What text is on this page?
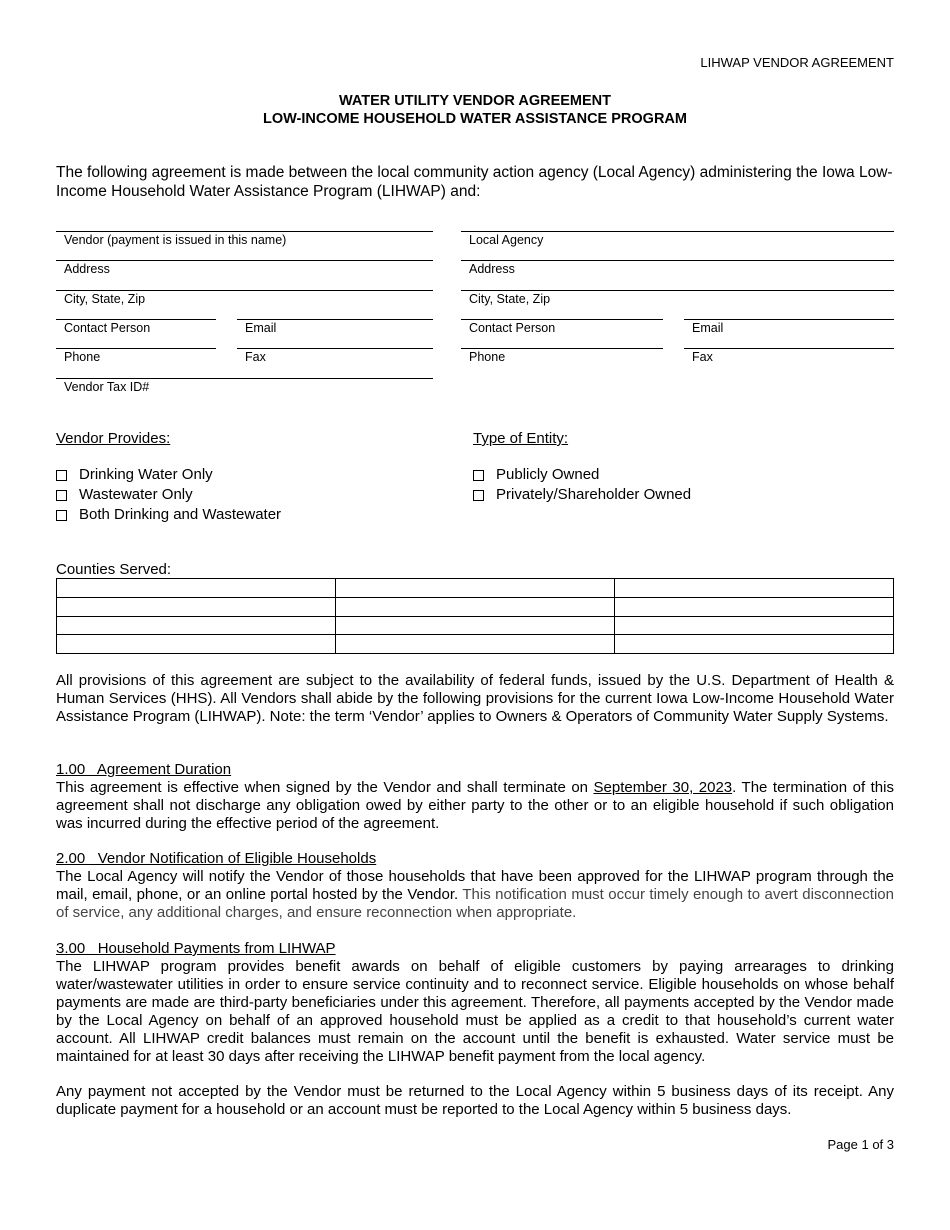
LIHWAP VENDOR AGREEMENT
WATER UTILITY VENDOR AGREEMENT
LOW-INCOME HOUSEHOLD WATER ASSISTANCE PROGRAM
The following agreement is made between the local community action agency (Local Agency) administering the Iowa Low-Income Household Water Assistance Program (LIHWAP) and:
Vendor (payment is issued in this name)
Address
City, State, Zip
Contact Person	Email
Phone	Fax
Vendor Tax ID#
Local Agency
Address
City, State, Zip
Contact Person	Email
Phone	Fax
Vendor Provides:
Drinking Water Only
Wastewater Only
Both Drinking and Wastewater
Type of Entity:
Publicly Owned
Privately/Shareholder Owned
Counties Served:

All provisions of this agreement are subject to the availability of federal funds, issued by the U.S. Department of Health & Human Services (HHS). All Vendors shall abide by the following provisions for the current Iowa Low-Income Household Water Assistance Program (LIHWAP). Note: the term ‘Vendor’ applies to Owners & Operators of Community Water Supply Systems.
1.00   Agreement Duration
This agreement is effective when signed by the Vendor and shall terminate on September 30, 2023. The termination of this agreement shall not discharge any obligation owed by either party to the other or to an eligible household if such obligation was incurred during the effective period of the agreement.
2.00   Vendor Notification of Eligible Households
The Local Agency will notify the Vendor of those households that have been approved for the LIHWAP program through the mail, email, phone, or an online portal hosted by the Vendor. This notification must occur timely enough to avert disconnection of service, any additional charges, and ensure reconnection when appropriate.
3.00   Household Payments from LIHWAP
The LIHWAP program provides benefit awards on behalf of eligible customers by paying arrearages to drinking water/wastewater utilities in order to ensure service continuity and to reconnect service. Eligible households on whose behalf payments are made are third-party beneficiaries under this agreement. Therefore, all payments accepted by the Vendor made by the Local Agency on behalf of an approved household must be applied as a credit to that household’s current water account. All LIHWAP credit balances must remain on the account until the benefit is exhausted. Water service must be maintained for at least 30 days after receiving the LIHWAP benefit payment from the local agency.
Any payment not accepted by the Vendor must be returned to the Local Agency within 5 business days of its receipt. Any duplicate payment for a household or an account must be reported to the Local Agency within 5 business days.
Page 1 of 3
